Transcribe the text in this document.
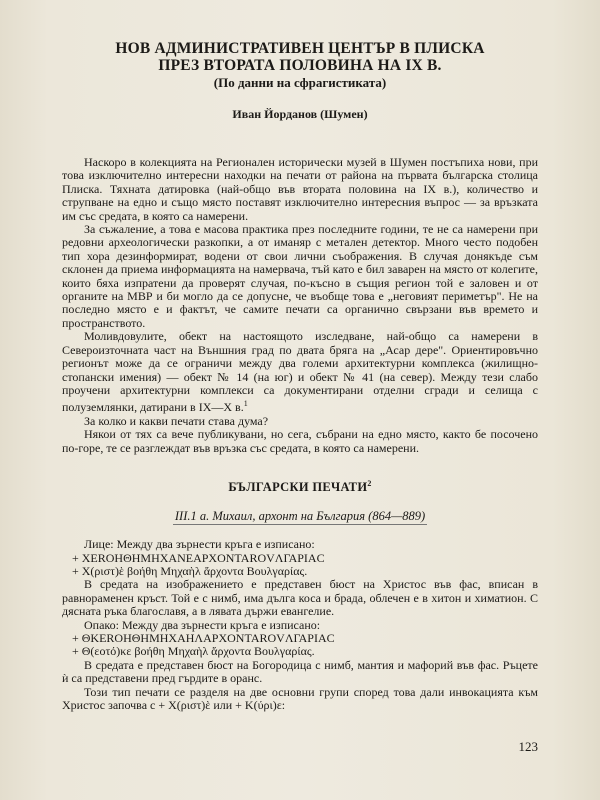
НОВ АДМИНИСТРАТИВЕН ЦЕНТЪР В ПЛИСКА
ПРЕЗ ВТОРАТА ПОЛОВИНА НА IX В.
(По данни на сфрагистиката)
Иван Йорданов (Шумен)

Наскоро в колекцията на Регионален исторически музей в Шумен постъпиха нови, при това изключително интересни находки на печати от района на първата българска столица Плиска. Тяхната датировка (най-общо във втората половина на IX в.), количество и струпване на едно и също място поставят изключително интересния въпрос — за връзката им със средата, в която са намерени.

За съжаление, а това е масова практика през последните години, те не са намерени при редовни археологически разкопки, а от иманяр с метален детектор. Много често подобен тип хора дезинформират, водени от свои лични съображения. В случая донякъде съм склонен да приема информацията на намервача, тъй като е бил заварен на място от колегите, които бяха изпратени да проверят случая, по-късно в същия регион той е заловен и от органите на МВР и би могло да се допусне, че въобще това е „неговият периметър". Не на последно място е и фактът, че самите печати са органично свързани във времето и пространството.

Моливдовулите, обект на настоящото изследване, най-общо са намерени в Североизточната част на Външния град по двата бряга на „Асар дере". Ориентировъчно регионът може да се ограничи между два големи архитектурни комплекса (жилищно-стопански имения) — обект № 14 (на юг) и обект № 41 (на север). Между тези слабо проучени архитектурни комплекси са документирани отделни сгради и селища с полуземлянки, датирани в IX—X в.$^1$

За колко и какви печати става дума?

Някои от тях са вече публикувани, но сега, събрани на едно място, както бе посочено по-горе, те се разглеждат във връзка със средата, в която са намерени.

БЪЛГАРСКИ ПЕЧАТИ$^2$
III.1 а. Михаил, архонт на България (864—889)

Лице: Между два зърнести кръга е изписано:

+ ΧΕRΟΗΘΗΜΗΧΑΝΕΑΡΧΟΝΤΑRΟVΛΓΑΡΙΑC

+ Χ(ριστ)ὲ βοήθη Μηχαὴλ ἄρχοντα Βουλγαρίας.

В средата на изображението е представен бюст на Христос във фас, вписан в равнораменен кръст. Той е с нимб, има дълга коса и брада, облечен е в хитон и химатион. С дясната ръка благославя, а в лявата държи евангелие.

Опако: Между два зърнести кръга е изписано:

+ ΘΚΕRΟΗΘΗΜΗΧΑΗΛΑΡΧΟΝΤΑRΟVΛΓΑΡΙΑC

+ Θ(εοτό)κε βοήθη Μηχαὴλ ἄρχοντα Βουλγαρίας.

В средата е представен бюст на Богородица с нимб, мантия и мафорий във фас. Ръцете ѝ са представени пред гърдите в оранс.

Този тип печати се разделя на две основни групи според това дали инвокацията към Христос започва с + Χ(ριστ)ὲ или + Κ(ύρι)ε:

123
